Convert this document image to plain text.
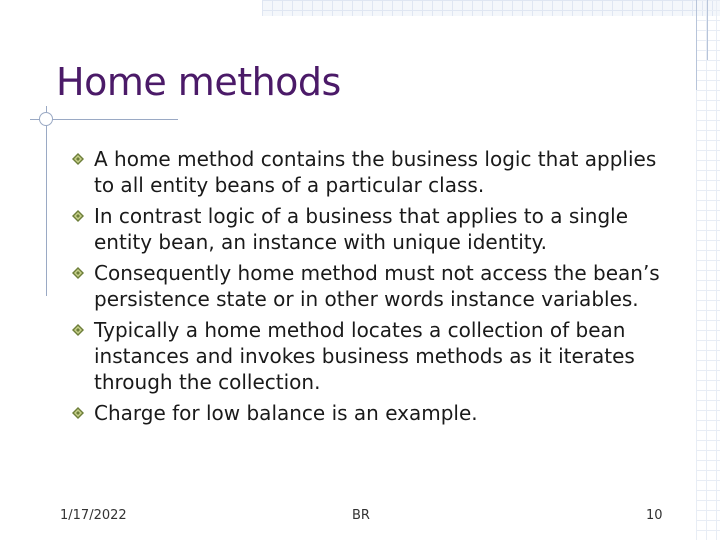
Home methods

A home method contains the business logic that applies to all entity beans of a particular class.

In contrast logic of a business that applies to a single entity bean, an instance with unique identity.

Consequently home method must not access the bean’s persistence state or in other words instance variables.

Typically a home method locates a collection of bean instances and invokes business methods as it iterates through the collection.

Charge for low balance is an example.

1/17/2022	BR	10
